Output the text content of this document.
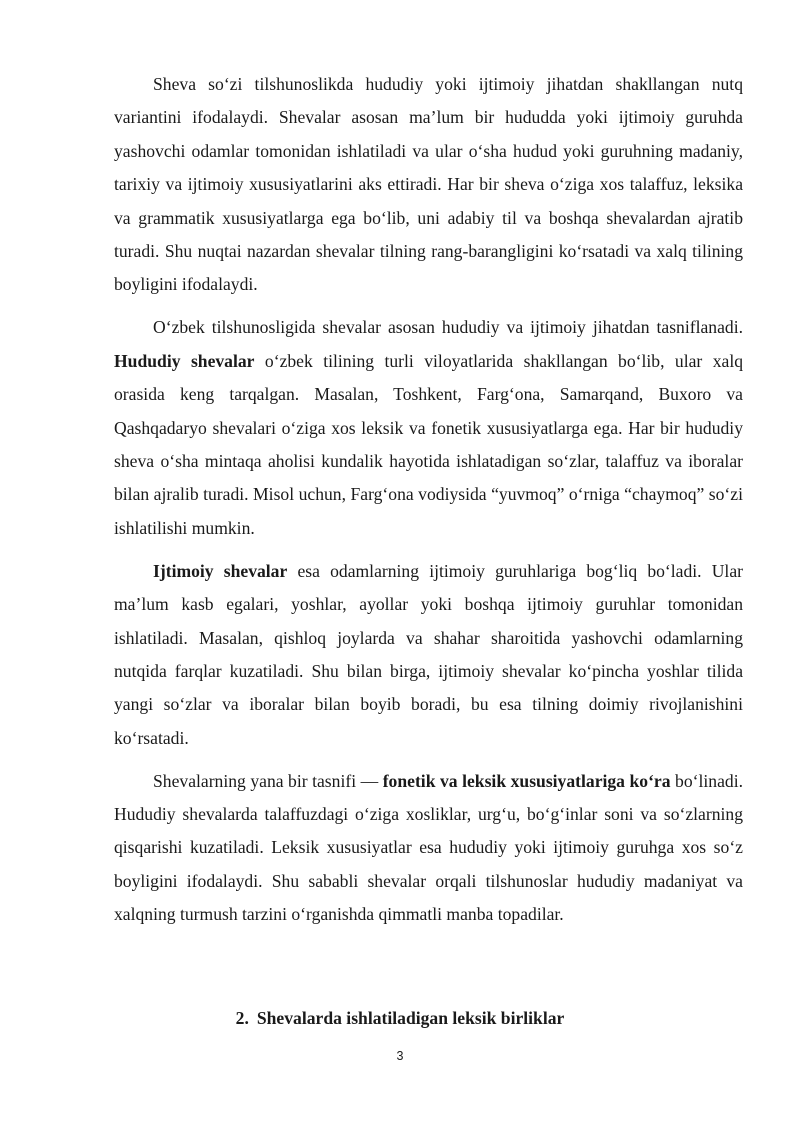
Sheva so‘zi tilshunoslikda hududiy yoki ijtimoiy jihatdan shakllangan nutq variantini ifodalaydi. Shevalar asosan ma’lum bir hududda yoki ijtimoiy guruhda yashovchi odamlar tomonidan ishlatiladi va ular o‘sha hudud yoki guruhning madaniy, tarixiy va ijtimoiy xususiyatlarini aks ettiradi. Har bir sheva o‘ziga xos talaffuz, leksika va grammatik xususiyatlarga ega bo‘lib, uni adabiy til va boshqa shevalardan ajratib turadi. Shu nuqtai nazardan shevalar tilning rang-barangligini ko‘rsatadi va xalq tilining boyligini ifodalaydi.

O‘zbek tilshunosligida shevalar asosan hududiy va ijtimoiy jihatdan tasniflanadi. Hududiy shevalar o‘zbek tilining turli viloyatlarida shakllangan bo‘lib, ular xalq orasida keng tarqalgan. Masalan, Toshkent, Farg‘ona, Samarqand, Buxoro va Qashqadaryo shevalari o‘ziga xos leksik va fonetik xususiyatlarga ega. Har bir hududiy sheva o‘sha mintaqa aholisi kundalik hayotida ishlatadigan so‘zlar, talaffuz va iboralar bilan ajralib turadi. Misol uchun, Farg‘ona vodiysida “yuvmoq” o‘rniga “chaymoq” so‘zi ishlatilishi mumkin.

Ijtimoiy shevalar esa odamlarning ijtimoiy guruhlariga bog‘liq bo‘ladi. Ular ma’lum kasb egalari, yoshlar, ayollar yoki boshqa ijtimoiy guruhlar tomonidan ishlatiladi. Masalan, qishloq joylarda va shahar sharoitida yashovchi odamlarning nutqida farqlar kuzatiladi. Shu bilan birga, ijtimoiy shevalar ko‘pincha yoshlar tilida yangi so‘zlar va iboralar bilan boyib boradi, bu esa tilning doimiy rivojlanishini ko‘rsatadi.

Shevalarning yana bir tasnifi — fonetik va leksik xususiyatlariga ko‘ra bo‘linadi. Hududiy shevalarda talaffuzdagi o‘ziga xosliklar, urg‘u, bo‘g‘inlar soni va so‘zlarning qisqarishi kuzatiladi. Leksik xususiyatlar esa hududiy yoki ijtimoiy guruhga xos so‘z boyligini ifodalaydi. Shu sababli shevalar orqali tilshunoslar hududiy madaniyat va xalqning turmush tarzini o‘rganishda qimmatli manba topadilar.

2. Shevalarda ishlatiladigan leksik birliklar
3
